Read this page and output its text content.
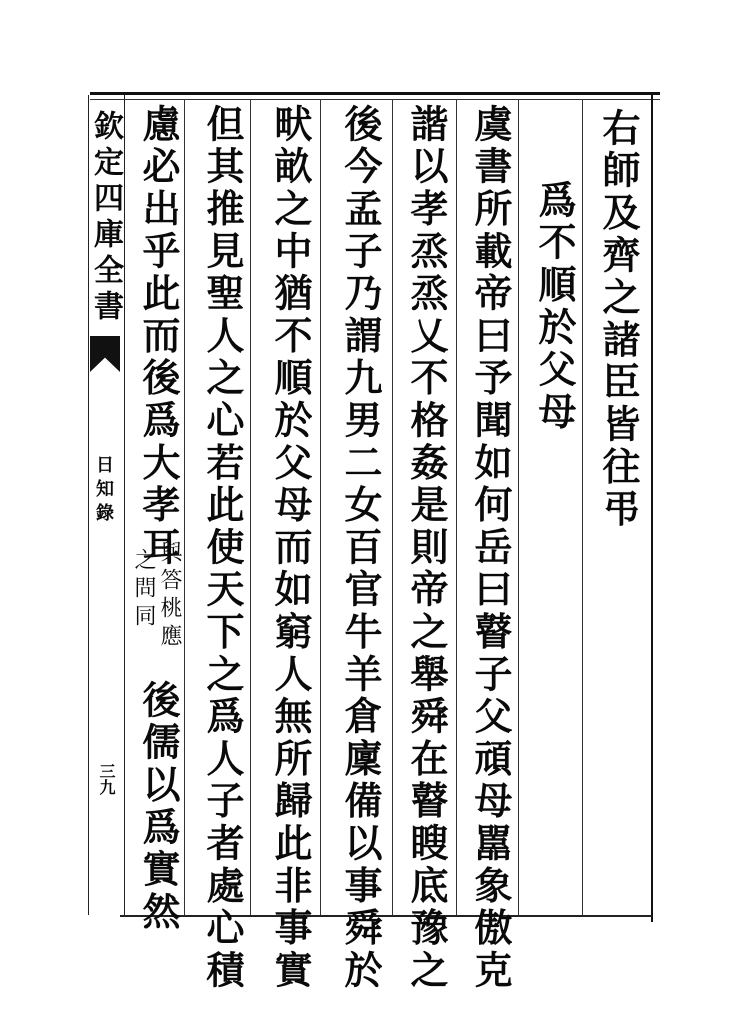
欽定四庫全書
日知錄
三九
右師及齊之諸臣皆往弔
爲不順於父母
虞書所載帝曰予聞如何岳曰瞽子父頑母嚚象傲克
諧以孝烝烝乂不格姦是則帝之舉舜在瞽瞍底豫之
後今孟子乃謂九男二女百官牛羊倉廩備以事舜於
畎畝之中猶不順於父母而如窮人無所歸此非事實
但其推見聖人之心若此使天下之爲人子者處心積
慮必出乎此而後爲大孝耳
與答桃應
之問同
後儒以爲實然
